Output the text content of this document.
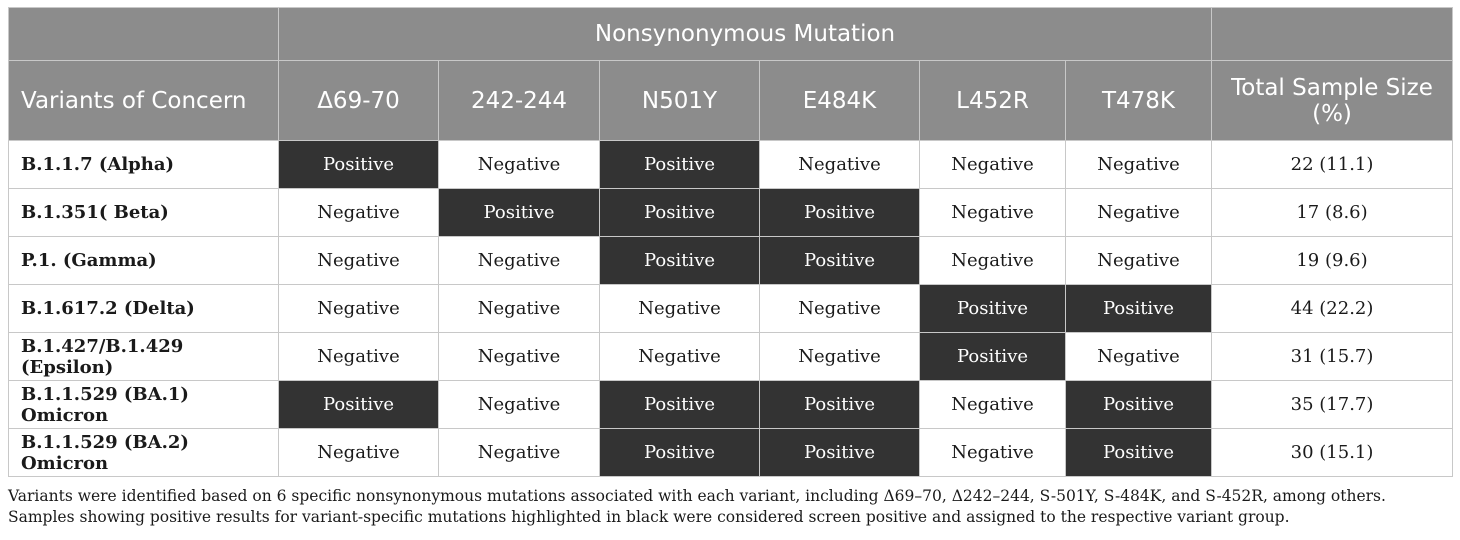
	Nonsynonymous Mutation						
Variants of Concern	Δ69-70	242-244	N501Y	E484K	L452R	T478K	Total Sample Size (%)
B.1.1.7 (Alpha)	Positive	Negative	Positive	Negative	Negative	Negative	22 (11.1)
B.1.351( Beta)	Negative	Positive	Positive	Positive	Negative	Negative	17 (8.6)
P.1. (Gamma)	Negative	Negative	Positive	Positive	Negative	Negative	19 (9.6)
B.1.617.2 (Delta)	Negative	Negative	Negative	Negative	Positive	Positive	44 (22.2)
B.1.427/B.1.429 (Epsilon)	Negative	Negative	Negative	Negative	Positive	Negative	31 (15.7)
B.1.1.529 (BA.1) Omicron	Positive	Negative	Positive	Positive	Negative	Positive	35 (17.7)
B.1.1.529 (BA.2) Omicron	Negative	Negative	Positive	Positive	Negative	Positive	30 (15.1)
Variants were identified based on 6 specific nonsynonymous mutations associated with each variant, including Δ69–70, Δ242–244, S-501Y, S-484K, and S-452R, among others. Samples showing positive results for variant-specific mutations highlighted in black were considered screen positive and assigned to the respective variant group.
